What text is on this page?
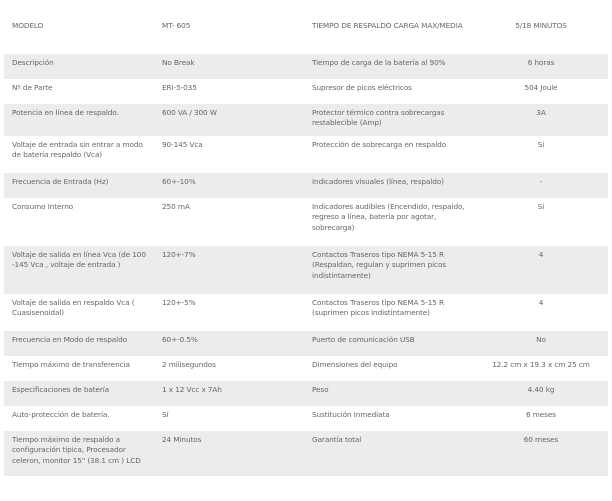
MODELO	MT- 605	TIEMPO DE RESPALDO CARGA MAX/MEDIA	5/18 MINUTOS
Descripción	No Break	Tiempo de carga de la batería al 90%	6 horas
Nº de Parte	ERI-5-035	Supresor de picos eléctricos	504 Joule
Potencia en línea de respaldo.	600 VA / 300 W	Protector térmico contra sobrecargas restablecible (Amp)	3A
Voltaje de entrada sin entrar a modo de batería respaldo (Vca)	90-145 Vca	Protección de sobrecarga en respaldo	Sí
Frecuencia de Entrada (Hz)	60+-10%	Indicadores visuales (línea, respaldo)	-
Consumo Interno	250 mA	Indicadores audibles (Encendido, respaldo, regreso a línea, batería por agotar, sobrecarga)	Sí
Voltaje de salida en línea Vca (de 100 -145 Vca , voltaje de entrada )	120+-7%	Contactos Traseros tipo NEMA 5-15 R (Respaldan, regulan y suprimen picos indistintamente)	4
Voltaje de salida en respaldo Vca ( Cuasisenoidal)	120+-5%	Contactos Traseros tipo NEMA 5-15 R (suprimen picos indistintamente)	4
Frecuencia en Modo de respaldo	60+-0.5%	Puerto de comunicación USB	No
Tiempo máximo de transferencia	2 milisegundos	Dimensiones del equipo	12.2 cm x 19.3 x cm 25 cm
Especificaciones de batería	1 x 12 Vcc x 7Ah	Peso	4.40 kg
Auto-protección de batería.	Sí	Sustitución Inmediata	6 meses
Tiempo máximo de respaldo a configuración típica, Procesador celeron, monitor 15" (38.1 cm ) LCD	24 Minutos	Garantía total	60 meses
